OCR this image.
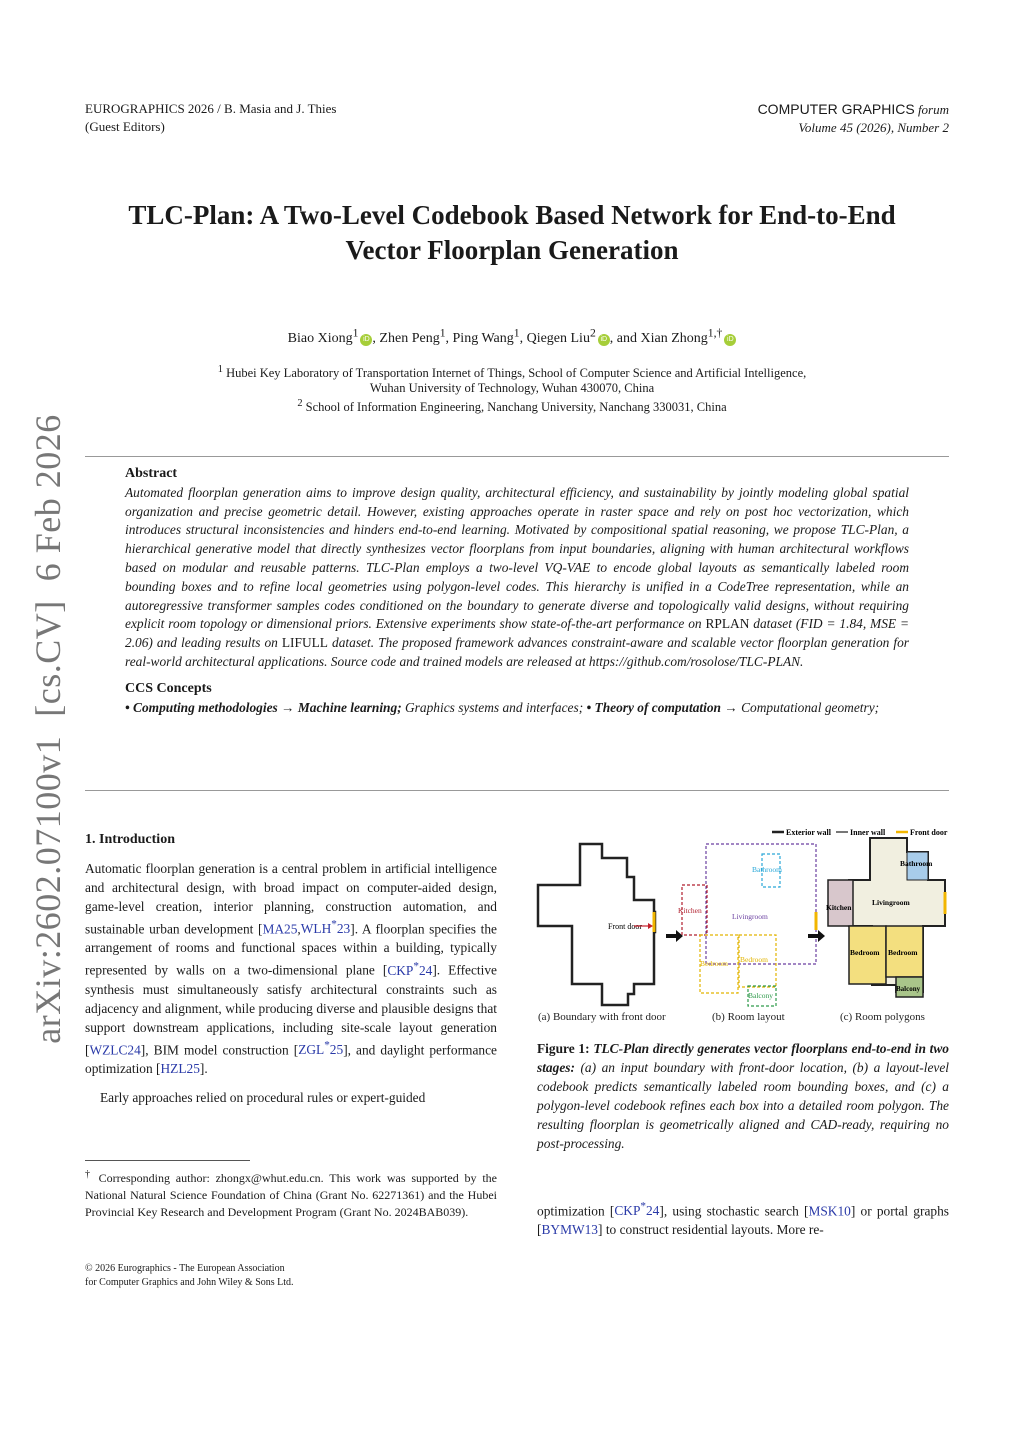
EUROGRAPHICS 2026 / B. Masia and J. Thies
(Guest Editors)
COMPUTER GRAPHICS forum
Volume 45 (2026), Number 2
arXiv:2602.07100v1  [cs.CV]  6 Feb 2026
TLC-Plan: A Two-Level Codebook Based Network for End-to-End
Vector Floorplan Generation
Biao Xiong$^1$iD , Zhen Peng$^1$, Ping Wang$^1$, Qiegen Liu$^2$iD , and Xian Zhong$^{1,\dagger}$iD
$^1$ Hubei Key Laboratory of Transportation Internet of Things, School of Computer Science and Artificial Intelligence,
Wuhan University of Technology, Wuhan 430070, China
$^2$ School of Information Engineering, Nanchang University, Nanchang 330031, China
Abstract
Automated floorplan generation aims to improve design quality, architectural efficiency, and sustainability by jointly modeling global spatial organization and precise geometric detail. However, existing approaches operate in raster space and rely on post hoc vectorization, which introduces structural inconsistencies and hinders end-to-end learning. Motivated by compositional spatial reasoning, we propose TLC-Plan, a hierarchical generative model that directly synthesizes vector floorplans from input boundaries, aligning with human architectural workflows based on modular and reusable patterns. TLC-Plan employs a two-level VQ-VAE to encode global layouts as semantically labeled room bounding boxes and to refine local geometries using polygon-level codes. This hierarchy is unified in a CodeTree representation, while an autoregressive transformer samples codes conditioned on the boundary to generate diverse and topologically valid designs, without requiring explicit room topology or dimensional priors. Extensive experiments show state-of-the-art performance on RPLAN dataset (FID = 1.84, MSE = 2.06) and leading results on LIFULL dataset. The proposed framework advances constraint-aware and scalable vector floorplan generation for real-world architectural applications. Source code and trained models are released at https://github.com/rosolose/TLC-PLAN.
CCS Concepts
• Computing methodologies → Machine learning; Graphics systems and interfaces; • Theory of computation → Computational geometry;
1. Introduction
Automatic floorplan generation is a central problem in artificial intelligence and architectural design, with broad impact on computer-aided design, game-level creation, interior planning, construction automation, and sustainable urban development [MA25,WLH*23]. A floorplan specifies the arrangement of rooms and functional spaces within a building, typically represented by walls on a two-dimensional plane [CKP*24]. Effective synthesis must simultaneously satisfy architectural constraints such as adjacency and alignment, while producing diverse and plausible designs that support downstream applications, including site-scale layout generation [WZLC24], BIM model construction [ZGL*25], and daylight performance optimization [HZL25].
Early approaches relied on procedural rules or expert-guided
† Corresponding author: zhongx@whut.edu.cn. This work was supported by the National Natural Science Foundation of China (Grant No. 62271361) and the Hubei Provincial Key Research and Development Program (Grant No. 2024BAB039).
© 2026 Eurographics - The European Association
for Computer Graphics and John Wiley & Sons Ltd.
Exterior wall Inner wall	Front door
Front door
Bathroom
Kitchen
Livingroom
Bedroom Bedroom
Balcony
Bathroom
Kitchen
Livingroom
Bedroom Bedroom
Balcony
(a) Boundary with front door	(b) Room layout	(c) Room polygons
Figure 1: TLC-Plan directly generates vector floorplans end-to-end in two stages: (a) an input boundary with front-door location, (b) a layout-level codebook predicts semantically labeled room bounding boxes, and (c) a polygon-level codebook refines each box into a detailed room polygon. The resulting floorplan is geometrically aligned and CAD-ready, requiring no post-processing.
optimization [CKP*24], using stochastic search [MSK10] or portal graphs [BYMW13] to construct residential layouts. More re-
